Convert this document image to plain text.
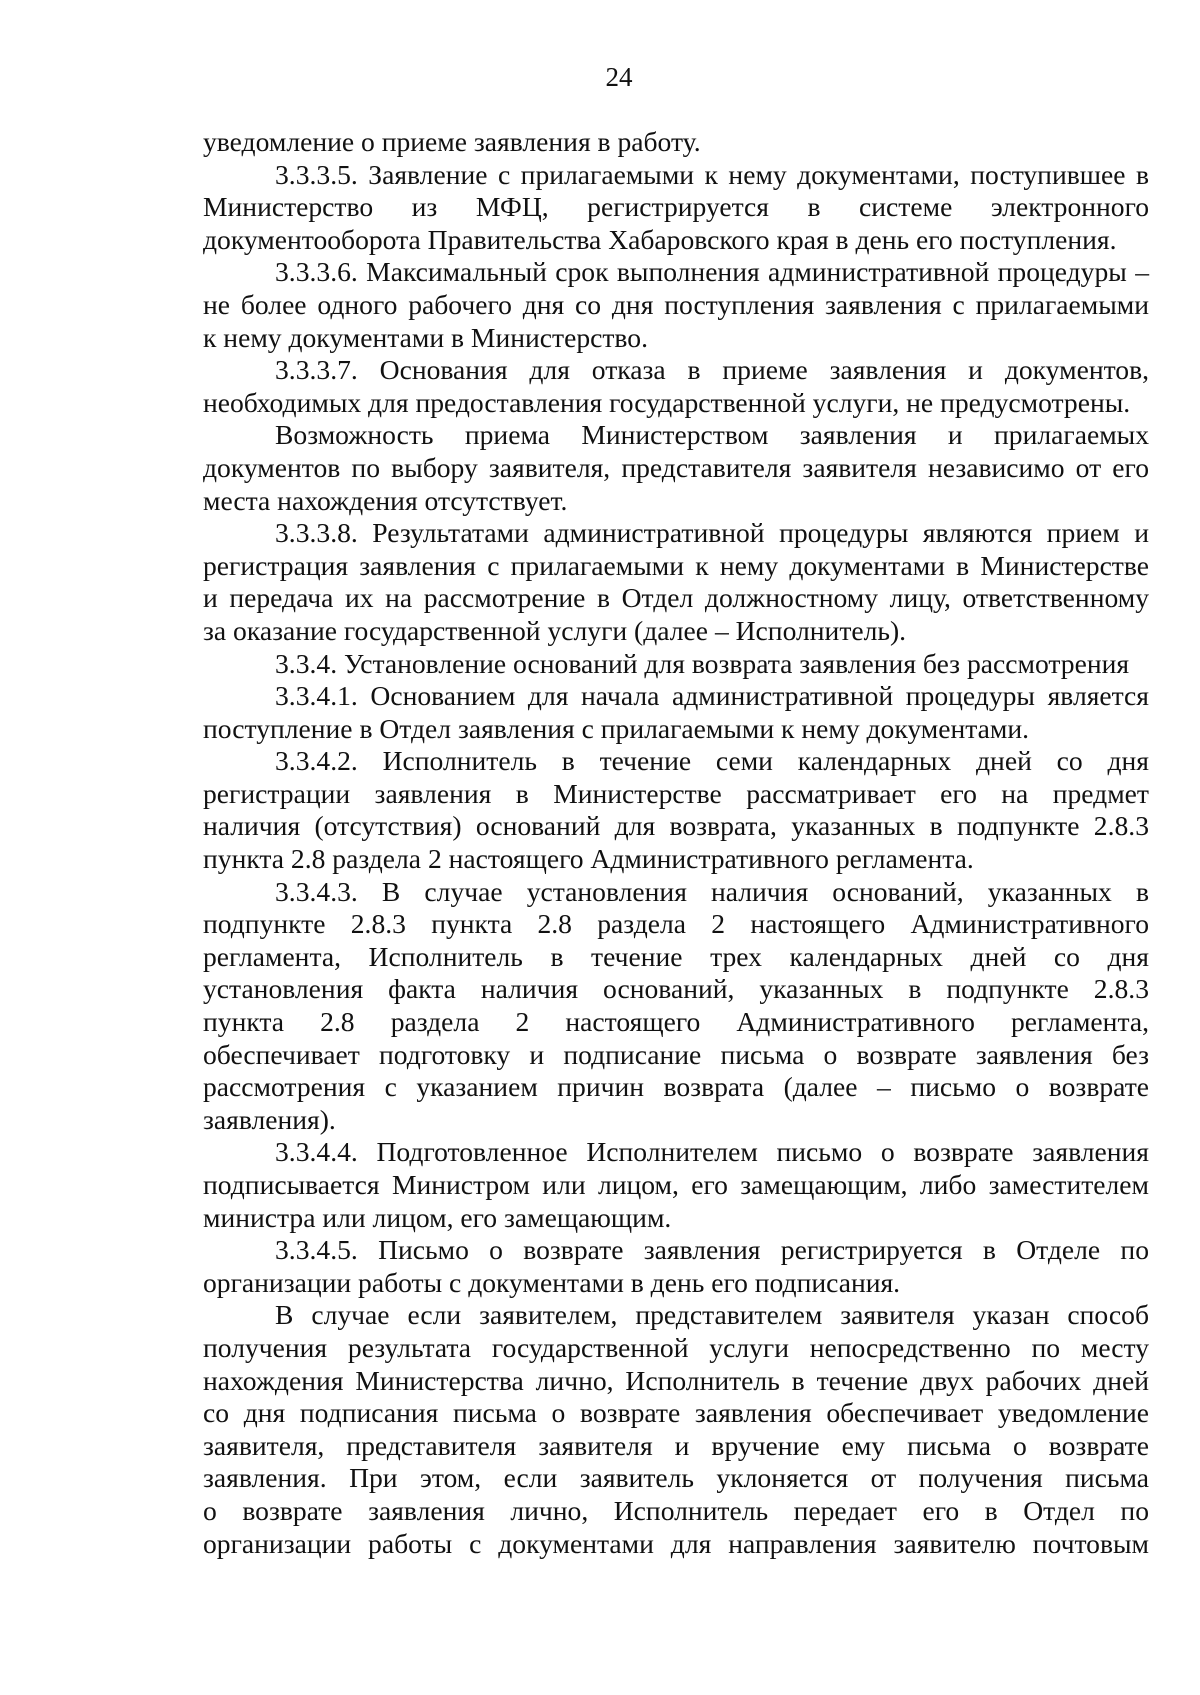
24
уведомление о приеме заявления в работу.
3.3.3.5. Заявление с прилагаемыми к нему документами, поступившее в
Министерство из МФЦ, регистрируется в системе электронного
документооборота Правительства Хабаровского края в день его поступления.
3.3.3.6. Максимальный срок выполнения административной процедуры –
не более одного рабочего дня со дня поступления заявления с прилагаемыми
к нему документами в Министерство.
3.3.3.7. Основания для отказа в приеме заявления и документов,
необходимых для предоставления государственной услуги, не предусмотрены.
Возможность приема Министерством заявления и прилагаемых
документов по выбору заявителя, представителя заявителя независимо от его
места нахождения отсутствует.
3.3.3.8. Результатами административной процедуры являются прием и
регистрация заявления с прилагаемыми к нему документами в Министерстве
и передача их на рассмотрение в Отдел должностному лицу, ответственному
за оказание государственной услуги (далее – Исполнитель).
3.3.4. Установление оснований для возврата заявления без рассмотрения
3.3.4.1. Основанием для начала административной процедуры является
поступление в Отдел заявления с прилагаемыми к нему документами.
3.3.4.2. Исполнитель в течение семи календарных дней со дня
регистрации заявления в Министерстве рассматривает его на предмет
наличия (отсутствия) оснований для возврата, указанных в подпункте 2.8.3
пункта 2.8 раздела 2 настоящего Административного регламента.
3.3.4.3. В случае установления наличия оснований, указанных в
подпункте 2.8.3 пункта 2.8 раздела 2 настоящего Административного
регламента, Исполнитель в течение трех календарных дней со дня
установления факта наличия оснований, указанных в подпункте 2.8.3
пункта 2.8 раздела 2 настоящего Административного регламента,
обеспечивает подготовку и подписание письма о возврате заявления без
рассмотрения с указанием причин возврата (далее – письмо о возврате
заявления).
3.3.4.4. Подготовленное Исполнителем письмо о возврате заявления
подписывается Министром или лицом, его замещающим, либо заместителем
министра или лицом, его замещающим.
3.3.4.5. Письмо о возврате заявления регистрируется в Отделе по
организации работы с документами в день его подписания.
В случае если заявителем, представителем заявителя указан способ
получения результата государственной услуги непосредственно по месту
нахождения Министерства лично, Исполнитель в течение двух рабочих дней
со дня подписания письма о возврате заявления обеспечивает уведомление
заявителя, представителя заявителя и вручение ему письма о возврате
заявления. При этом, если заявитель уклоняется от получения письма
о возврате заявления лично, Исполнитель передает его в Отдел по
организации работы с документами для направления заявителю почтовым
